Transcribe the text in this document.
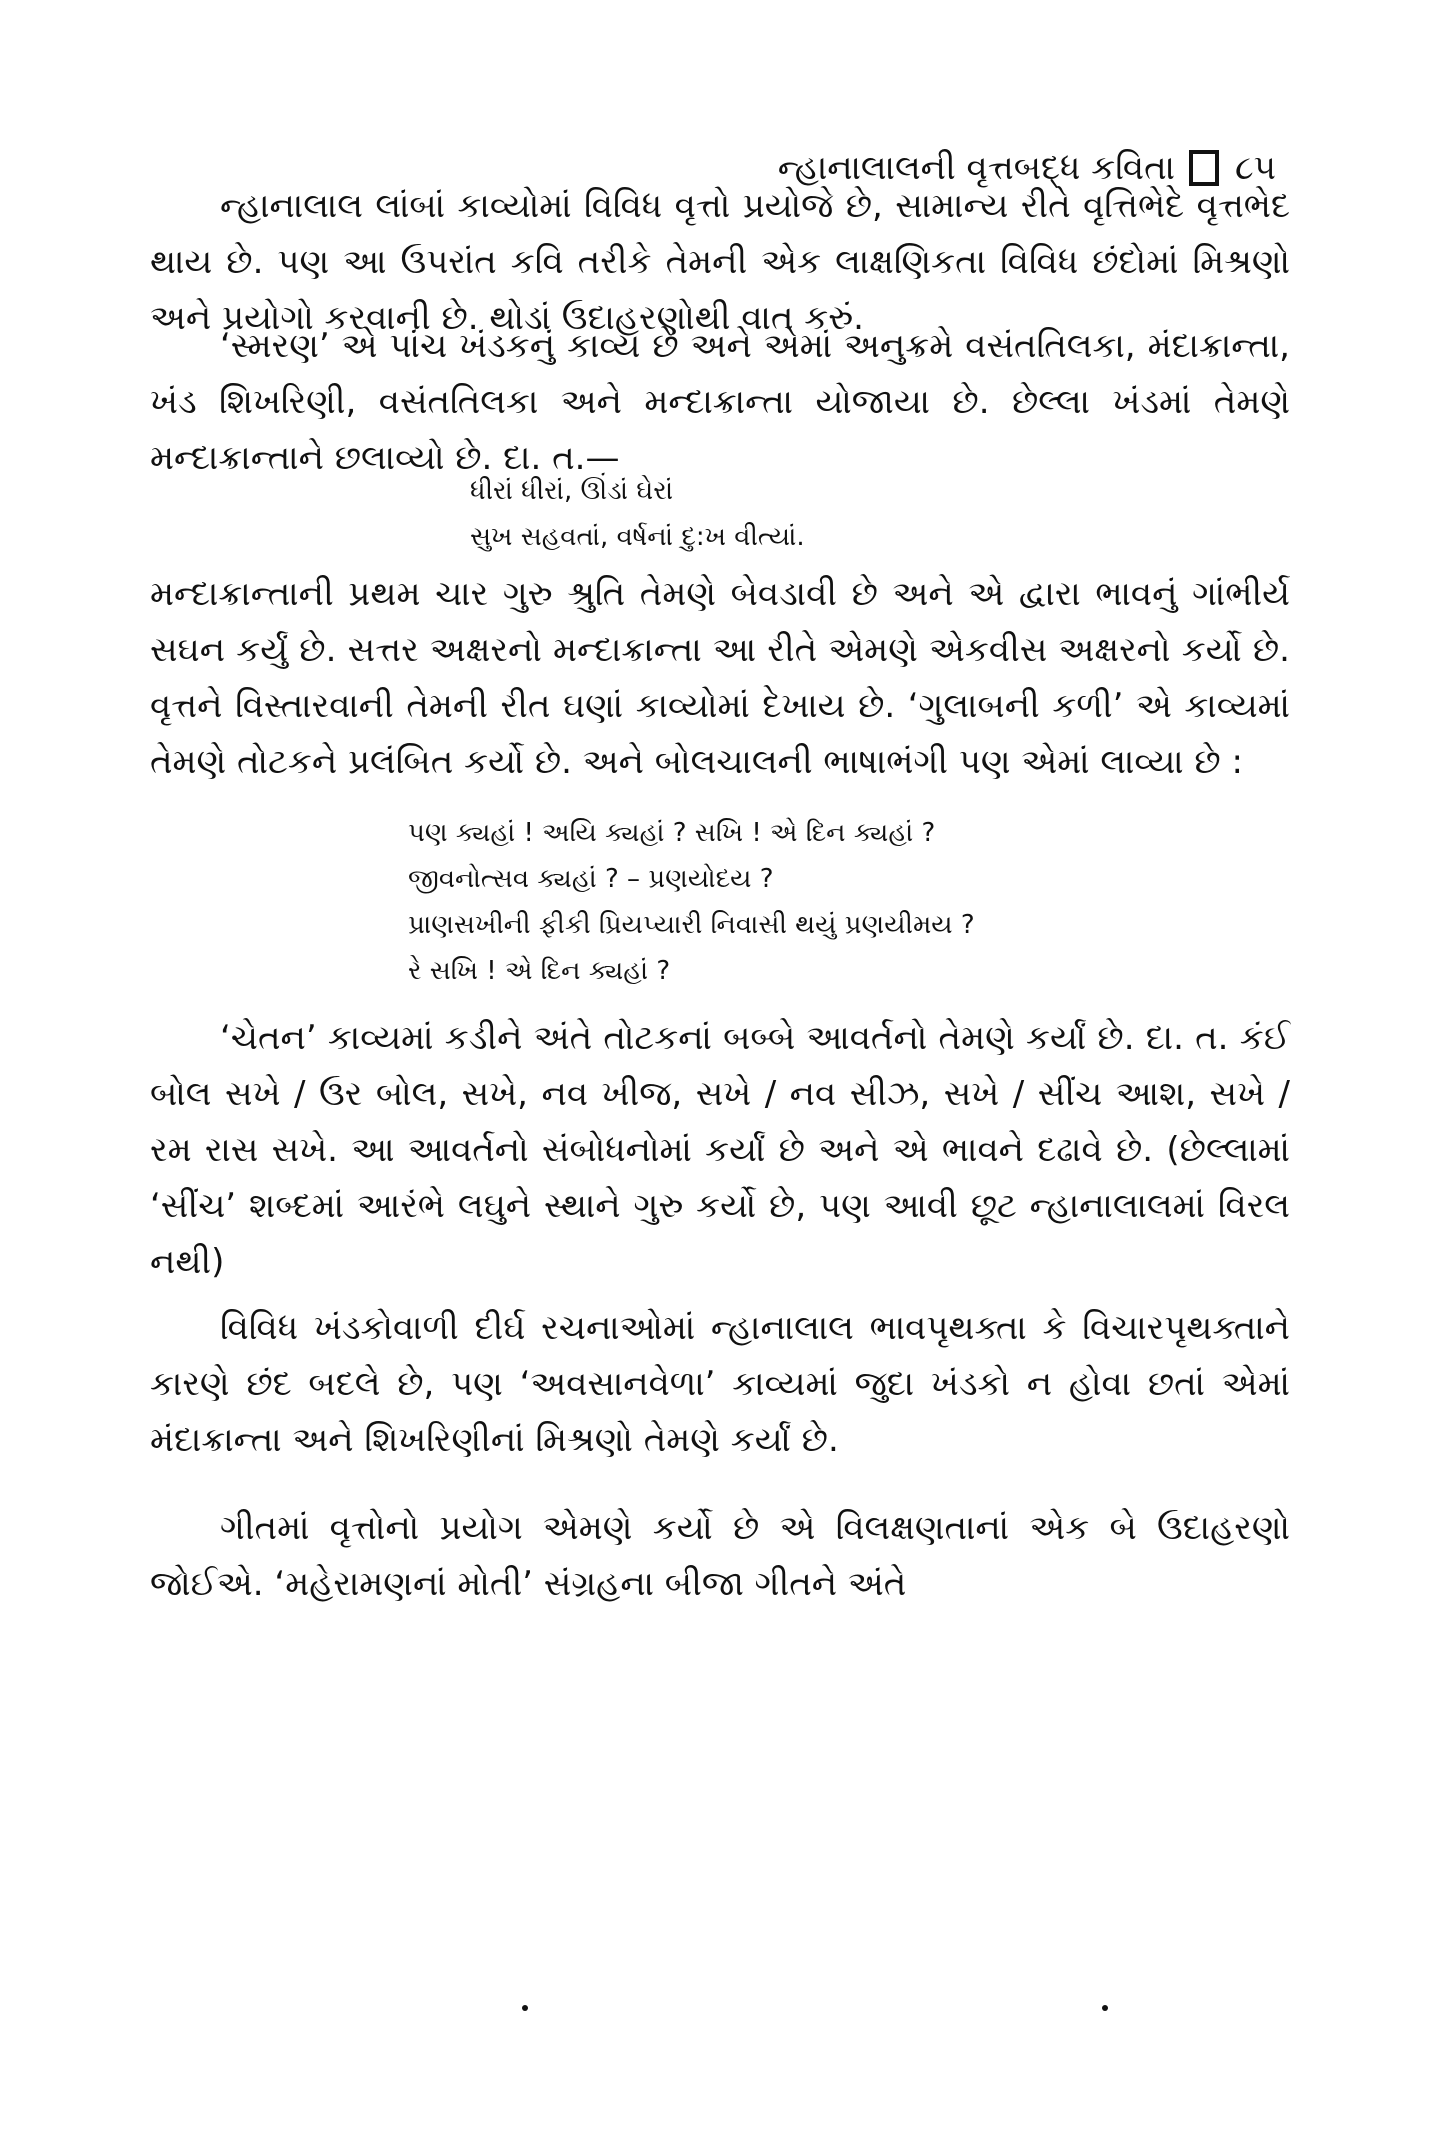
ન્હાનાલાલની વૃત્તબદ્ધ કવિતા ૮૫

ન્હાનાલાલ લાંબાં કાવ્યોમાં વિવિધ વૃત્તો પ્રયોજે છે, સામાન્ય રીતે વૃત્તિભેદે વૃત્તભેદ થાય છે. પણ આ ઉપરાંત કવિ તરીકે તેમની એક લાક્ષણિકતા વિવિધ છંદોમાં મિશ્રણો અને પ્રયોગો કરવાની છે. થોડાં ઉદાહરણોથી વાત કરું.

‘સ્મરણ’ એ પાંચ ખંડકનું કાવ્ય છે અને એમાં અનુક્રમે વસંતતિલકા, મંદાક્રાન્તા, ખંડ શિખરિણી, વસંતતિલકા અને મન્દાક્રાન્તા યોજાયા છે. છેલ્લા ખંડમાં તેમણે મન્દાક્રાન્તાને છલાવ્યો છે. દા. ત.—

ધીરાં ધીરાં, ઊંડાં ઘેરાં
સુખ સહવતાં, વર્ષનાં દુ:ખ વીત્યાં.

મન્દાક્રાન્તાની પ્રથમ ચાર ગુરુ શ્રુતિ તેમણે બેવડાવી છે અને એ દ્વારા ભાવનું ગાંભીર્ય સઘન કર્યું છે. સત્તર અક્ષરનો મન્દાક્રાન્તા આ રીતે એમણે એકવીસ અક્ષરનો કર્યો છે. વૃત્તને વિસ્તારવાની તેમની રીત ઘણાં કાવ્યોમાં દેખાય છે. ‘ગુલાબની કળી’ એ કાવ્યમાં તેમણે તોટકને પ્રલંબિત કર્યો છે. અને બોલચાલની ભાષાભંગી પણ એમાં લાવ્યા છે :

પણ ક્યહાં ! અયિ ક્યહાં ? સખિ ! એ દિન ક્યહાં ?
જીવનોત્સવ ક્યહાં ? – પ્રણયોદય ?
પ્રાણસખીની ફીકી પ્રિયપ્યારી નિવાસી થયું પ્રણયીમય ?
રે સખિ ! એ દિન ક્યહાં ?

‘ચેતન’ કાવ્યમાં કડીને અંતે તોટકનાં બબ્બે આવર્તનો તેમણે કર્યાં છે. દા. ત. કંઈ બોલ સખે / ઉર બોલ, સખે, નવ ખીજ, સખે / નવ સીઝ, સખે / સીંચ આશ, સખે / રમ રાસ સખે. આ આવર્તનો સંબોધનોમાં કર્યાં છે અને એ ભાવને દઢાવે છે. (છેલ્લામાં ‘સીંચ’ શબ્દમાં આરંભે લઘુને સ્થાને ગુરુ કર્યો છે, પણ આવી છૂટ ન્હાનાલાલમાં વિરલ નથી)

વિવિધ ખંડકોવાળી દીર્ઘ રચનાઓમાં ન્હાનાલાલ ભાવપૃથક્તા કે વિચારપૃથક્તાને કારણે છંદ બદલે છે, પણ ‘અવસાનવેળા’ કાવ્યમાં જુદા ખંડકો ન હોવા છતાં એમાં મંદાક્રાન્તા અને શિખરિણીનાં મિશ્રણો તેમણે કર્યાં છે.

ગીતમાં વૃત્તોનો પ્રયોગ એમણે કર્યો છે એ વિલક્ષણતાનાં એક બે ઉદાહરણો જોઈએ. ‘મહેરામણનાં મોતી’ સંગ્રહના બીજા ગીતને અંતે
